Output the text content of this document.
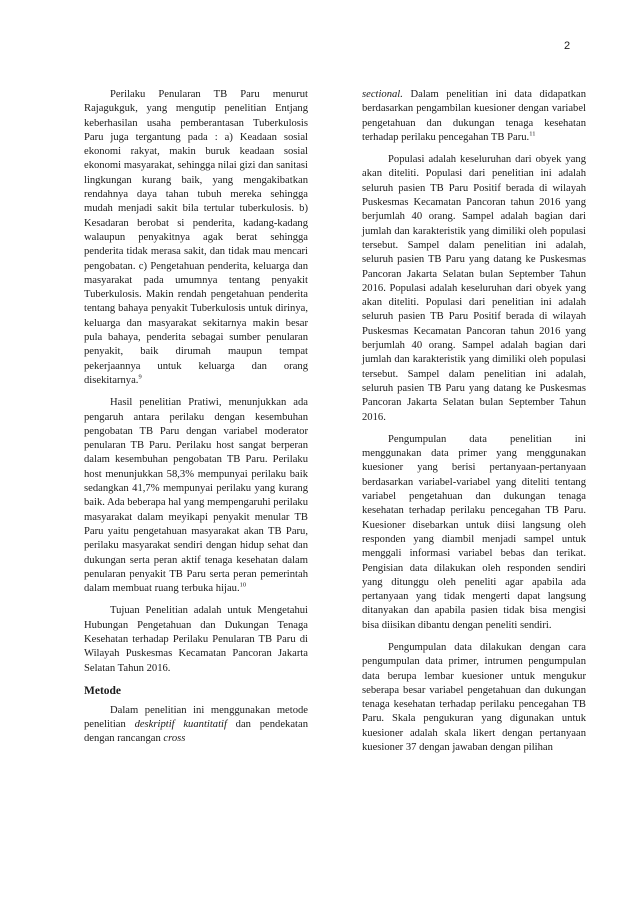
2

Perilaku Penularan TB Paru menurut Rajagukguk, yang mengutip penelitian Entjang keberhasilan usaha pemberantasan Tuberkulosis Paru juga tergantung pada : a) Keadaan sosial ekonomi rakyat, makin buruk keadaan sosial ekonomi masyarakat, sehingga nilai gizi dan sanitasi lingkungan kurang baik, yang mengakibatkan rendahnya daya tahan tubuh mereka sehingga mudah menjadi sakit bila tertular tuberkulosis. b) Kesadaran berobat si penderita, kadang-kadang walaupun penyakitnya agak berat sehingga penderita tidak merasa sakit, dan tidak mau mencari pengobatan. c) Pengetahuan penderita, keluarga dan masyarakat pada umumnya tentang penyakit Tuberkulosis. Makin rendah pengetahuan penderita tentang bahaya penyakit Tuberkulosis untuk dirinya, keluarga dan masyarakat sekitarnya makin besar pula bahaya, penderita sebagai sumber penularan penyakit, baik dirumah maupun tempat pekerjaannya untuk keluarga dan orang disekitarnya.$^9$

Hasil penelitian Pratiwi, menunjukkan ada pengaruh antara perilaku dengan kesembuhan pengobatan TB Paru dengan variabel moderator penularan TB Paru. Perilaku host sangat berperan dalam kesembuhan pengobatan TB Paru. Perilaku host menunjukkan 58,3% mempunyai perilaku baik sedangkan 41,7% mempunyai perilaku yang kurang baik. Ada beberapa hal yang mempengaruhi perilaku masyarakat dalam meyikapi penyakit menular TB Paru yaitu pengetahuan masyarakat akan TB Paru, perilaku masyarakat sendiri dengan hidup sehat dan dukungan serta peran aktif tenaga kesehatan dalam penularan penyakit TB Paru serta peran pemerintah dalam membuat ruang terbuka hijau.$^{10}$

Tujuan Penelitian adalah untuk Mengetahui Hubungan Pengetahuan dan Dukungan Tenaga Kesehatan terhadap Perilaku Penularan TB Paru di Wilayah Puskesmas Kecamatan Pancoran Jakarta Selatan Tahun 2016.

Metode

Dalam penelitian ini menggunakan metode penelitian deskriptif kuantitatif dan pendekatan dengan rancangan cross

sectional. Dalam penelitian ini data didapatkan berdasarkan pengambilan kuesioner dengan variabel pengetahuan dan dukungan tenaga kesehatan terhadap perilaku pencegahan TB Paru.$^{11}$

Populasi adalah keseluruhan dari obyek yang akan diteliti. Populasi dari penelitian ini adalah seluruh pasien TB Paru Positif berada di wilayah Puskesmas Kecamatan Pancoran tahun 2016 yang berjumlah 40 orang. Sampel adalah bagian dari jumlah dan karakteristik yang dimiliki oleh populasi tersebut. Sampel dalam penelitian ini adalah, seluruh pasien TB Paru yang datang ke Puskesmas Pancoran Jakarta Selatan bulan September Tahun 2016. Populasi adalah keseluruhan dari obyek yang akan diteliti. Populasi dari penelitian ini adalah seluruh pasien TB Paru Positif berada di wilayah Puskesmas Kecamatan Pancoran tahun 2016 yang berjumlah 40 orang. Sampel adalah bagian dari jumlah dan karakteristik yang dimiliki oleh populasi tersebut. Sampel dalam penelitian ini adalah, seluruh pasien TB Paru yang datang ke Puskesmas Pancoran Jakarta Selatan bulan September Tahun 2016.

Pengumpulan data penelitian ini menggunakan data primer yang menggunakan kuesioner yang berisi pertanyaan-pertanyaan berdasarkan variabel-variabel yang diteliti tentang variabel pengetahuan dan dukungan tenaga kesehatan terhadap perilaku pencegahan TB Paru. Kuesioner disebarkan untuk diisi langsung oleh responden yang diambil menjadi sampel untuk menggali informasi variabel bebas dan terikat. Pengisian data dilakukan oleh responden sendiri yang ditunggu oleh peneliti agar apabila ada pertanyaan yang tidak mengerti dapat langsung ditanyakan dan apabila pasien tidak bisa mengisi bisa diisikan dibantu dengan peneliti sendiri.

Pengumpulan data dilakukan dengan cara pengumpulan data primer, intrumen pengumpulan data berupa lembar kuesioner untuk mengukur seberapa besar variabel pengetahuan dan dukungan tenaga kesehatan terhadap perilaku pencegahan TB Paru. Skala pengukuran yang digunakan untuk kuesioner adalah skala likert dengan pertanyaan kuesioner 37 dengan jawaban dengan pilihan
